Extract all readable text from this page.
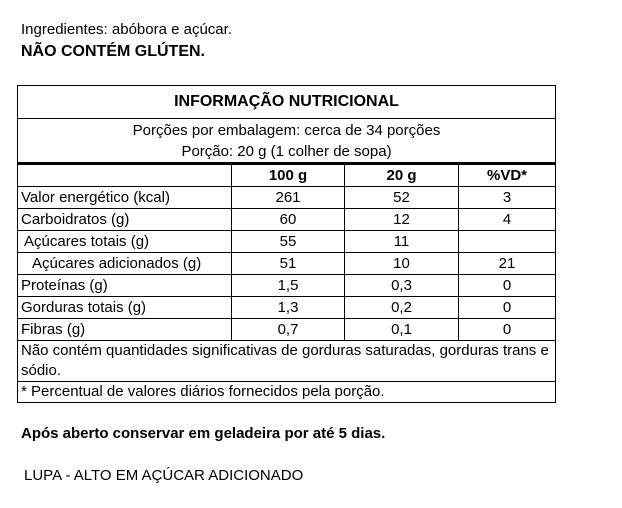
Ingredientes: abóbora e açúcar.
NÃO CONTÉM GLÚTEN.
INFORMAÇÃO NUTRICIONAL			

Porções por embalagem: cerca de 34 porções
Porção: 20 g (1 colher de sopa)			

	100 g	20 g	%VD*
Valor energético (kcal)	261	52	3
Carboidratos (g)	60	12	4
Açúcares totais (g)	55	11	
Açúcares adicionados (g)	51	10	21
Proteínas (g)	1,5	0,3	0
Gorduras totais (g)	1,3	0,2	0
Fibras (g)	0,7	0,1	0
Não contém quantidades significativas de gorduras saturadas, gorduras trans e sódio.			
* Percentual de valores diários fornecidos pela porção.			
Após aberto conservar em geladeira por até 5 dias.
LUPA - ALTO EM AÇÚCAR ADICIONADO
